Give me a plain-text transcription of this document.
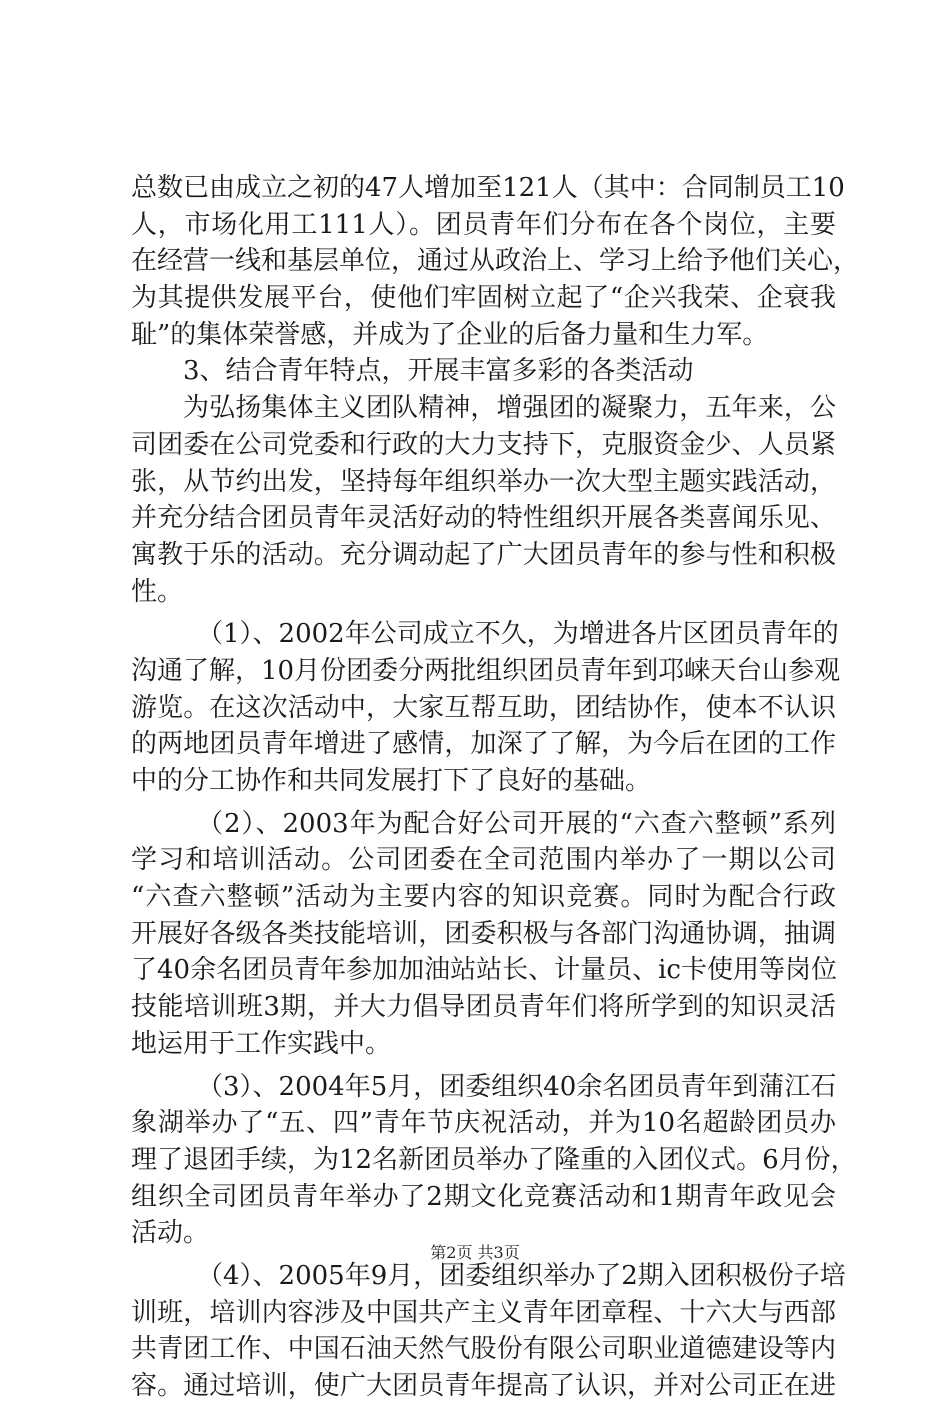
总数已由成立之初的47人增加至121人（其中：合同制员工10
人，市场化用工111人）。团员青年们分布在各个岗位，主要
在经营一线和基层单位，通过从政治上、学习上给予他们关心，
为其提供发展平台，使他们牢固树立起了“企兴我荣、企衰我
耻”的集体荣誉感，并成为了企业的后备力量和生力军。
3、结合青年特点，开展丰富多彩的各类活动
为弘扬集体主义团队精神，增强团的凝聚力，五年来，公
司团委在公司党委和行政的大力支持下，克服资金少、人员紧
张，从节约出发，坚持每年组织举办一次大型主题实践活动，
并充分结合团员青年灵活好动的特性组织开展各类喜闻乐见、
寓教于乐的活动。充分调动起了广大团员青年的参与性和积极
性。
（1）、2002年公司成立不久，为增进各片区团员青年的
沟通了解，10月份团委分两批组织团员青年到邛崃天台山参观
游览。在这次活动中，大家互帮互助，团结协作，使本不认识
的两地团员青年增进了感情，加深了了解，为今后在团的工作
中的分工协作和共同发展打下了良好的基础。
（2）、2003年为配合好公司开展的“六查六整顿”系列
学习和培训活动。公司团委在全司范围内举办了一期以公司
“六查六整顿”活动为主要内容的知识竞赛。同时为配合行政
开展好各级各类技能培训，团委积极与各部门沟通协调，抽调
了40余名团员青年参加加油站站长、计量员、ic卡使用等岗位
技能培训班3期，并大力倡导团员青年们将所学到的知识灵活
地运用于工作实践中。
（3）、2004年5月，团委组织40余名团员青年到蒲江石
象湖举办了“五、四”青年节庆祝活动，并为10名超龄团员办
理了退团手续，为12名新团员举办了隆重的入团仪式。6月份，
组织全司团员青年举办了2期文化竞赛活动和1期青年政见会
活动。
（4）、2005年9月，团委组织举办了2期入团积极份子培
训班，培训内容涉及中国共产主义青年团章程、十六大与西部
共青团工作、中国石油天然气股份有限公司职业道德建设等内
容。通过培训，使广大团员青年提高了认识，并对公司正在进
第2页 共3页
